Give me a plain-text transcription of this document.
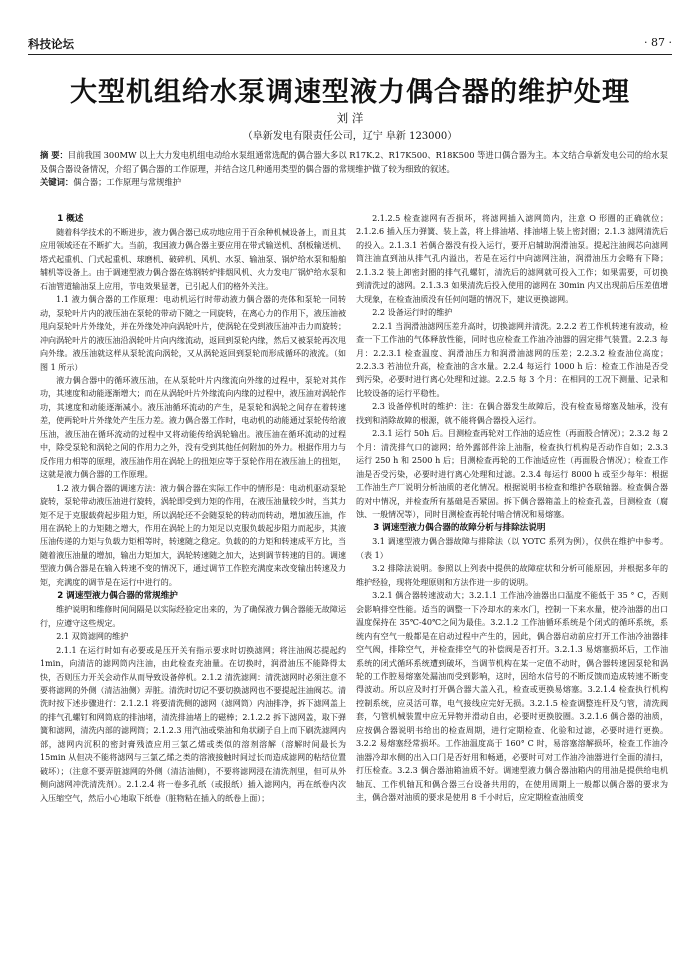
科技论坛	· 87 ·
大型机组给水泵调速型液力偶合器的维护处理
刘 洋
（阜新发电有限责任公司，辽宁 阜新 123000）

摘 要：目前我国 300MW 以上大力发电机组电动给水泵组通常选配的偶合器大多以 R17K.2、R17K500、R18K500 等进口偶合器为主。本文结合阜新发电公司的给水泵及偶合器设备情况，介绍了偶合器的工作原理，并结合这几种通用类型的偶合器的常规维护做了较为细致的叙述。

关键词：偶合器；工作原理与常规维护

1 概述

随着科学技术的不断进步，液力偶合器已成功地应用于百余种机械设备上，而且其应用领域还在不断扩大。当前，我国液力偶合器主要应用在带式输送机、刮板输送机、塔式起重机、门式起重机、球磨机、破碎机、风机、水泵、输油泵、锅炉给水泵和船舶辅机等设备上。由于调速型液力偶合器在炼钢转炉排烟风机、火力发电厂锅炉给水泵和石油管道输油泵上应用，节电效果显著，已引起人们的格外关注。

1.1 液力偶合器的工作原理：电动机运行时带动液力偶合器的壳体和泵轮一同转动，泵轮叶片内的液压油在泵轮的带动下随之一同旋转，在离心力的作用下，液压油被甩向泵轮叶片外缘处，并在外缘处冲向涡轮叶片，使涡轮在受到液压油冲击力而旋转；冲向涡轮叶片的液压油沿涡轮叶片向内缘流动，返回到泵轮内缘，然后又被泵轮再次甩向外缘。液压油就这样从泵轮流向涡轮，又从涡轮返回到泵轮而形成循环的液流。（如图 1 所示）

液力偶合器中的循环液压油，在从泵轮叶片内缘流向外缘的过程中，泵轮对其作功，其速度和动能逐渐增大；而在从涡轮叶片外缘流向内缘的过程中，液压油对涡轮作功，其速度和动能逐渐减小。液压油循环流动的产生，是泵轮和涡轮之间存在着转速差，使两轮叶片外缘处产生压力差。液力偶合器工作时，电动机的动能通过泵轮传给液压油，液压油在循环流动的过程中又将动能传给涡轮输出。液压油在循环流动的过程中，除受泵轮和涡轮之间的作用力之外，没有受到其他任何附加的外力。根据作用力与反作用力相等的原理，液压油作用在涡轮上的扭矩应等于泵轮作用在液压油上的扭矩，这就是液力偶合器的工作原理。

1.2 液力偶合器的调速方法：液力偶合器在实际工作中的情形是：电动机驱动泵轮旋转，泵轮带动液压油进行旋转，涡轮即受到力矩的作用，在液压油量较少时，当其力矩不足于克服载荷起步阻力矩，所以涡轮还不会随泵轮的转动而转动，增加液压油，作用在涡轮上的力矩随之增大，作用在涡轮上的力矩足以克服负载起步阻力而起步，其液压油传递的力矩与负载力矩相等时，转速随之稳定。负载的的力矩和转速成平方比，当随着液压油量的增加，输出力矩加大，涡轮转速随之加大，达到调节转速的目的。调速型液力偶合器是在输入转速不变的情况下，通过调节工作腔充满度来改变输出转速及力矩，充满度的调节是在运行中进行的。

2 调速型液力偶合器的常规维护

维护说明和维修时间间隔是以实际经验定出来的，为了确保液力偶合器能无故障运行，应遵守这些规定。

2.1 双筒滤网的维护

2.1.1 在运行时如有必要或是压开关有指示要求时切换滤网；将注油阀芯提起约 1min，向清洁的滤网筒内注油，由此检查充油量。在切换时，润滑油压不能降得太快，否则压力开关会动作从而导致设备停机。2.1.2 清洗滤网：清洗滤网时必须注意不要将滤网的外侧（清洁油侧）弄脏。清洗时切记不要切换滤网也不要提起注油阀芯。清洗时按下述步骤进行：2.1.2.1 将要清洗侧的滤网（滤网筒）内油排净，拆下滤网盖上的排气孔螺钉和网筒底的排油堵，清洗排油堵上的磁棒；2.1.2.2 拆下滤网盖，取下弹簧和滤网，清洗内部的滤网筒；2.1.2.3 用汽油或柴油和角状刷子自上而下刷洗滤网内部，滤网内沉积的密封膏残渣应用三氯乙烯或类似的溶剂溶解（溶解时间最长为 15min 从但决不能将滤网与三氯乙烯之类的溶液接触时间过长而造成滤网的粘结位置破坏）；（注意不要弄脏滤网的外侧（清洁油侧），不要将滤网浸在清洗剂里，但可从外侧向滤网冲洗清洗剂）。2.1.2.4 将一卷多孔纸（或报纸）插入滤网内，再在纸卷内次入压缩空气，然后小心地取下纸卷（脏物粘在插入的纸卷上面）；

2.1.2.5 检查滤网有否损坏，将滤网插入滤网筒内，注意 O 形圈的正确就位；2.1.2.6 插入压力弹簧、装上盖，将上排油堵、排油堵上装上密封圈；2.1.3 滤网清洗后的投入。2.1.3.1 若偶合器没有投入运行，要开启辅助润滑油泵。提起注油阀芯向滤网筒注油直到油从排气孔内溢出，若是在运行中向滤网注油，润滑油压力会略有下降；2.1.3.2 装上卸密封圈的排气孔螺钉，清洗后的滤网就可投入工作；如果需要，可切换到清洗过的滤网。2.1.3.3 如果清洗后投入使用的滤网在 30min 内又出现前后压差值增大现象，在检查油质没有任何问题的情况下，建议更换滤网。

2.2 设备运行时的维护

2.2.1 当润滑油滤网压差升高时，切换滤网并清洗。2.2.2 若工作机转速有波动，检查一下工作油的气体释放性能，同时也应检查工作油冷油器的固定排气装置。2.2.3 每月：2.2.3.1 检查温度、润滑油压力和润滑油滤网的压差；2.2.3.2 检查油位高度；2.2.3.3 若油位升高，检查油的含水量。2.2.4 每运行 1000 h 后：检查工作油是否受到污染，必要时进行离心处理和过滤。2.2.5 每 3 个月：在相同的工况下测量、记录和比较设备的运行平稳性。

2.3 设备停机时的维护：注：在偶合器发生故障后，没有检查易熔塞及轴承，没有找到和消除故障的根源，就不能将偶合器投入运行。

2.3.1 运行 50h 后。目测检查再轮对工作油的适应性（再面股合情况）；2.3.2 每 2 个月：清洗排气口的滤网；给外露部件涂上油脂，检查执行机构是否动作自如；2.3.3 运行 250 h 和 2500 h 后；目测检查再轮的工作油适应性（再面股合情况）；检查工作油是否受污染，必要时进行离心处理和过滤。2.3.4 每运行 8000 h 或至少每年：根据工作油生产厂说明分析油质的老化情况。根据说明书检查和维护各联轴器。检查偶合器的对中情况，并检查所有基础是否紧固。拆下偶合器箱盖上的检查孔盖，目测检查（腐蚀、一般情况等），同时目测检查再轮付啮合情况和易熔塞。

3 调速型液力偶合器的故障分析与排除法说明

3.1 调速型液力偶合器故障与排除法（以 YOTC 系列为例），仅供在维护中参考。（表 1）

3.2 排除法说明。参照以上列表中提供的故障症状和分析可能原因，并根据多年的维护经验，现将处理原则和方法作进一步的说明。

3.2.1 偶合器转速波动大；3.2.1.1 工作油冷油器出口温度不能低于 35 ° C，否则会影响排空性能。适当的调整一下冷却水的来水门，控制一下来水量，使冷油器的出口温度保持在 35℃-40℃之间为最佳。3.2.1.2 工作油循环系统是个闭式的循环系统，系统内有空气一般都是在启动过程中产生的，因此，偶合器启动前应打开工作油冷油器排空气阀，排除空气，并检查排空气的补偿阀是否打开。3.2.1.3 易熔塞损坏后，工作油系统的闭式循环系统遭到破坏，当调节机构在某一定值不动时，偶合器转速因泵轮和涡轮的工作腔易熔塞处漏油而受到影响，这时，因给水信号的不断反馈而造成转速不断变得波动。所以应及时打开偶合器大盖入孔，检查或更换易熔塞。3.2.1.4 检查执行机构控制系统，应灵活可靠，电气接线应完好无损。3.2.1.5 检查调整连杆及勺管，清洗阀套，勺管机械装置中应无异物并滑动自由，必要时更换胶圈。3.2.1.6 偶合器的油质，应按偶合器说明书给出的检查周期，进行定期检查、化验和过滤，必要时进行更换。3.2.2 易熔塞经常损坏。工作油温度高于 160° C 时，易溶塞溶解损坏，检查工作油冷油器冷却水侧的出入口门是否好用和畅通，必要时可对工作油冷油器进行全面的清扫，打压检查。3.2.3 偶合器油箱油质不好。调速型液力偶合器油箱内的用油是提供给电机轴瓦、工作机轴瓦和偶合器三台设备共用的，在使用周期上一般都以偶合器的要求为主，偶合器对油质的要求是使用 8 千小时后，应定期检查油质变
